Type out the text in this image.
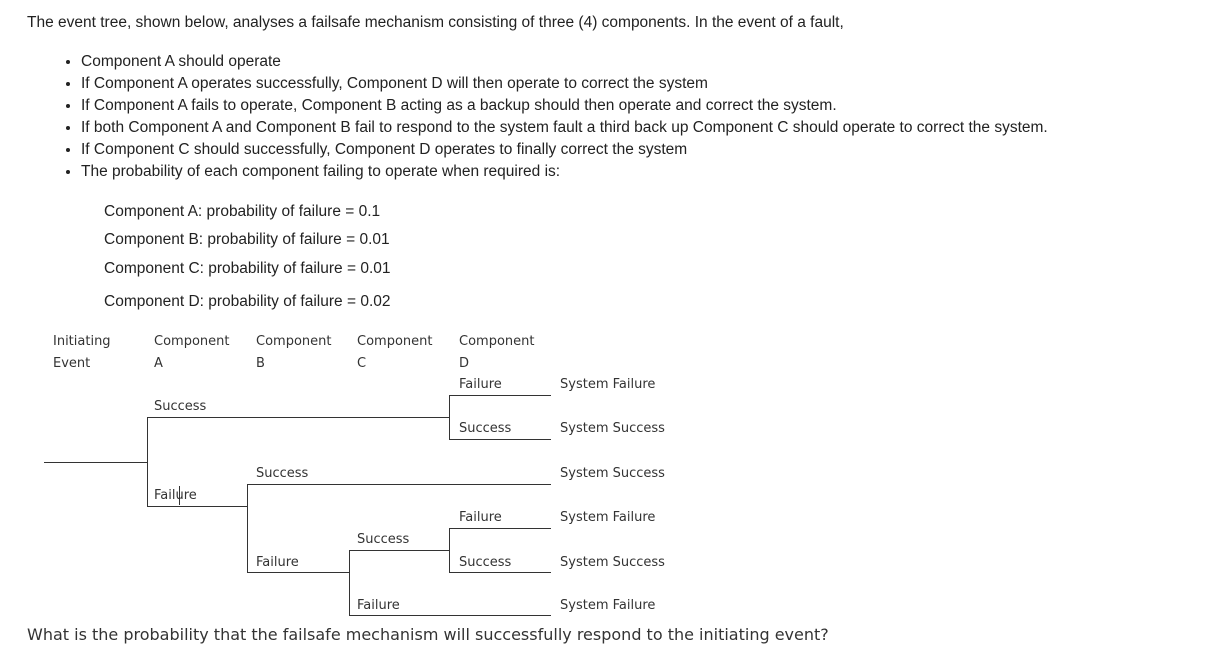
The event tree, shown below, analyses a failsafe mechanism consisting of three (4) components. In the event of a fault,
• Component A should operate
• If Component A operates successfully, Component D will then operate to correct the system
• If Component A fails to operate, Component B acting as a backup should then operate and correct the system.
• If both Component A and Component B fail to respond to the system fault a third back up Component C should operate to correct the system.
• If Component C should successfully, Component D operates to finally correct the system
• The probability of each component failing to operate when required is:
Component A: probability of failure = 0.1
Component B: probability of failure = 0.01
Component C: probability of failure = 0.01
Component D: probability of failure = 0.02
Initiating
Event
Component
A
Component
B
Component
C
Component
D
Success
Failure
Success
Failure
Success
Failure
Failure
Success
Failure
Success
System Failure
System Success
System Success
System Failure
System Success
System Failure
What is the probability that the failsafe mechanism will successfully respond to the initiating event?
